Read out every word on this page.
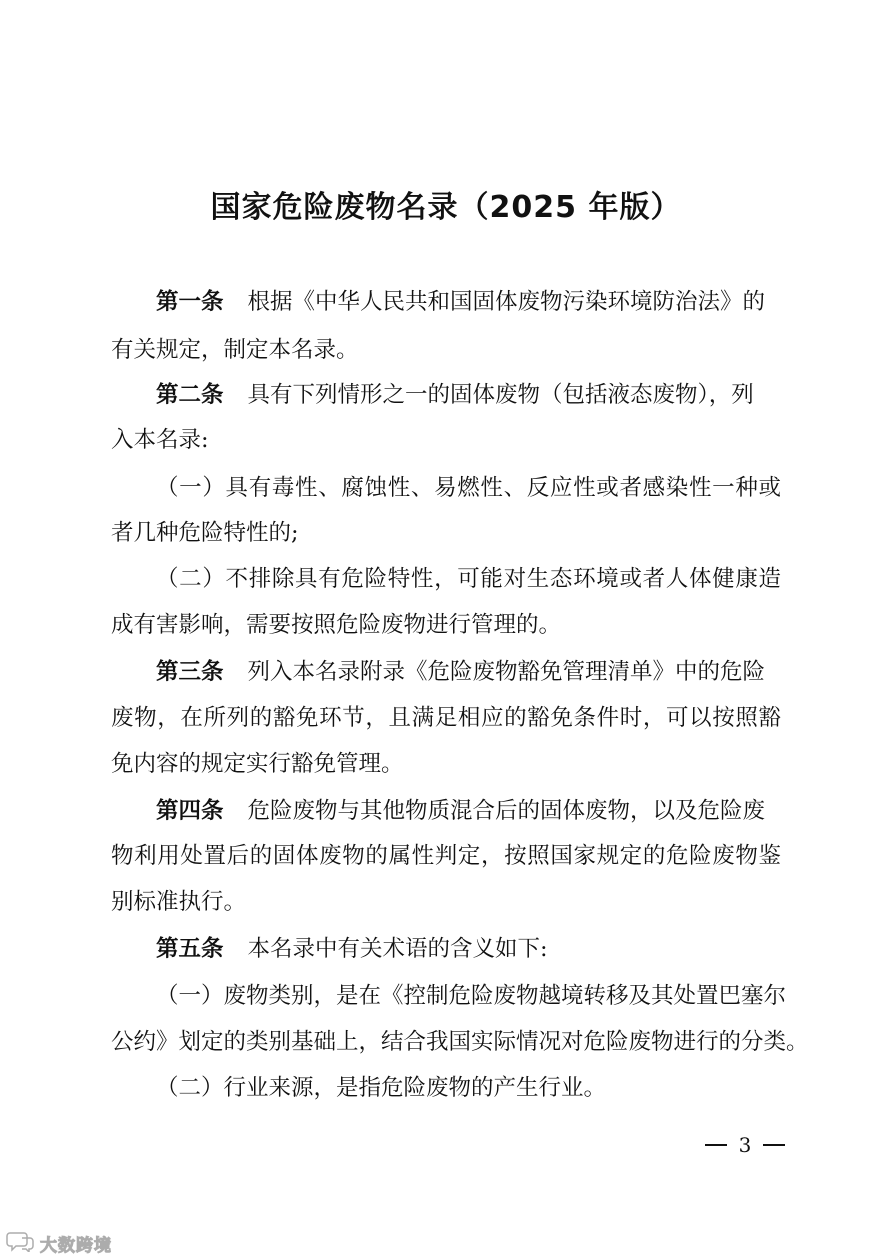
国家危险废物名录（2025 年版）
第一条 根据《中华人民共和国固体废物污染环境防治法》的
有关规定，制定本名录。
第二条 具有下列情形之一的固体废物（包括液态废物），列
入本名录:
（一）具有毒性、腐蚀性、易燃性、反应性或者感染性一种或
者几种危险特性的;
（二）不排除具有危险特性，可能对生态环境或者人体健康造
成有害影响，需要按照危险废物进行管理的。
第三条 列入本名录附录《危险废物豁免管理清单》中的危险
废物，在所列的豁免环节，且满足相应的豁免条件时，可以按照豁
免内容的规定实行豁免管理。
第四条 危险废物与其他物质混合后的固体废物，以及危险废
物利用处置后的固体废物的属性判定，按照国家规定的危险废物鉴
别标准执行。
第五条 本名录中有关术语的含义如下:
（一）废物类别，是在《控制危险废物越境转移及其处置巴塞尔
公约》划定的类别基础上，结合我国实际情况对危险废物进行的分类。
（二）行业来源，是指危险废物的产生行业。
3
大数跨境
